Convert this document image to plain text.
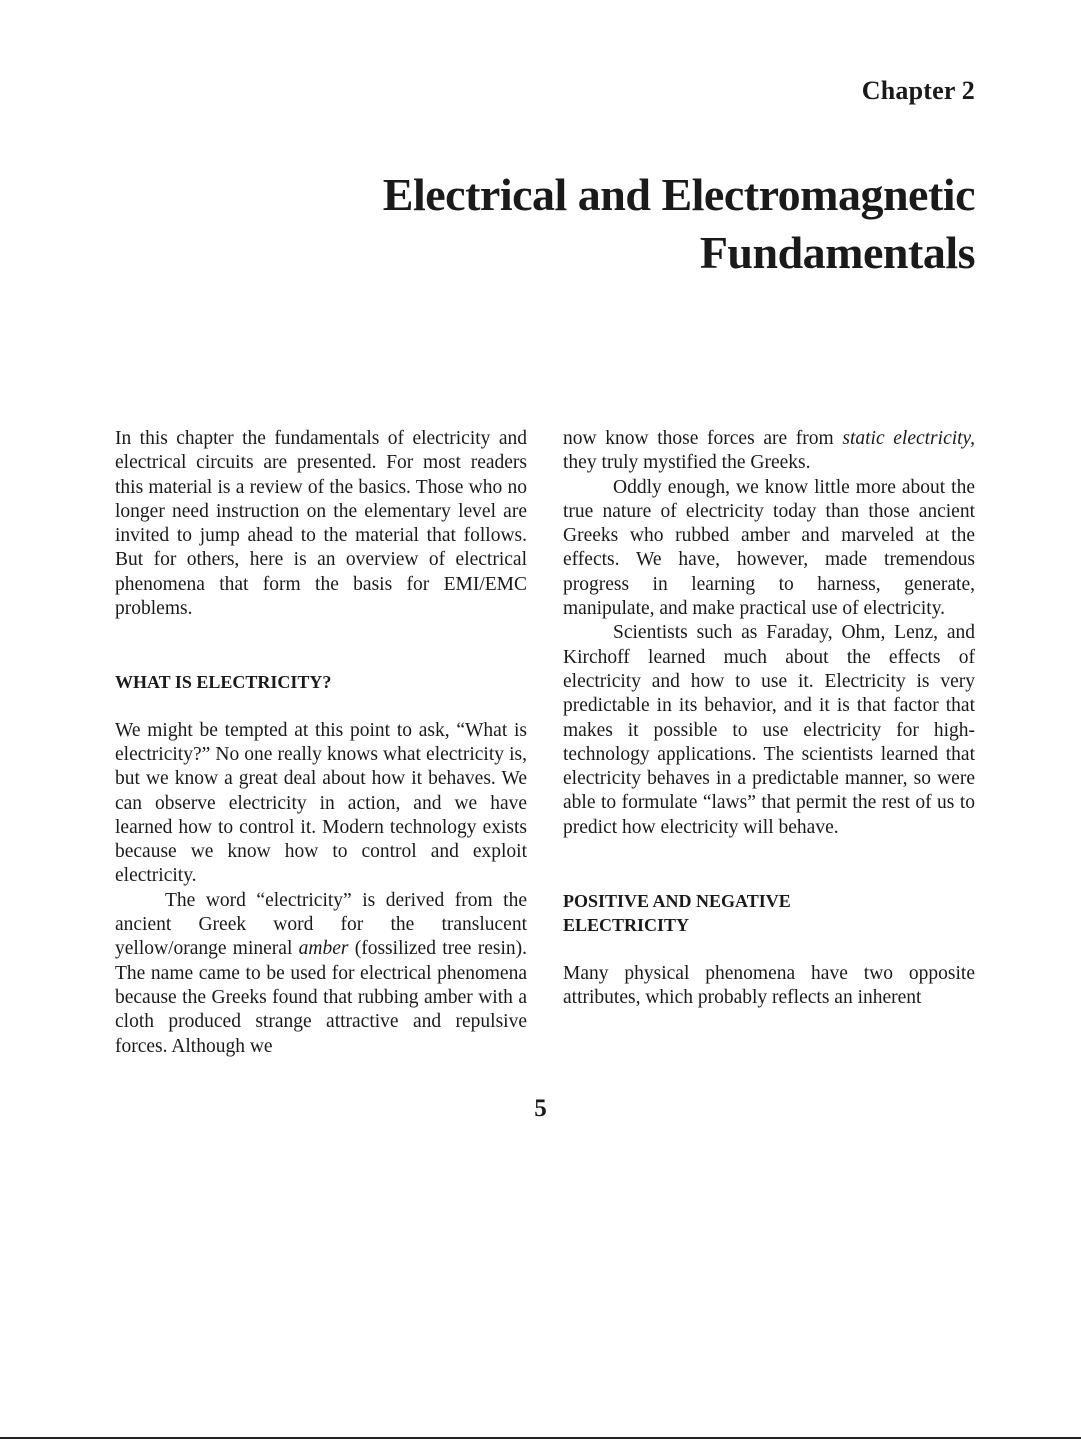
Chapter 2
Electrical and Electromagnetic
Fundamentals

In this chapter the fundamentals of electricity and electrical circuits are presented. For most readers this material is a review of the basics. Those who no longer need instruction on the elementary level are invited to jump ahead to the material that follows. But for others, here is an overview of electrical phenomena that form the basis for EMI/EMC problems.

WHAT IS ELECTRICITY?

We might be tempted at this point to ask, “What is electricity?” No one really knows what electricity is, but we know a great deal about how it behaves. We can observe electricity in action, and we have learned how to control it. Modern technology exists because we know how to control and exploit electricity.

The word “electricity” is derived from the ancient Greek word for the translucent yellow/orange mineral amber (fossilized tree resin). The name came to be used for electrical phenomena because the Greeks found that rubbing amber with a cloth produced strange attractive and repulsive forces. Although we

now know those forces are from static electricity, they truly mystified the Greeks.

Oddly enough, we know little more about the true nature of electricity today than those ancient Greeks who rubbed amber and marveled at the effects. We have, however, made tremendous progress in learning to harness, generate, manipulate, and make practical use of electricity.

Scientists such as Faraday, Ohm, Lenz, and Kirchoff learned much about the effects of electricity and how to use it. Electricity is very predictable in its behavior, and it is that factor that makes it possible to use electricity for high-technology applications. The scientists learned that electricity behaves in a predictable manner, so were able to formulate “laws” that permit the rest of us to predict how electricity will behave.

POSITIVE AND NEGATIVE
ELECTRICITY

Many physical phenomena have two opposite attributes, which probably reflects an inherent

5
